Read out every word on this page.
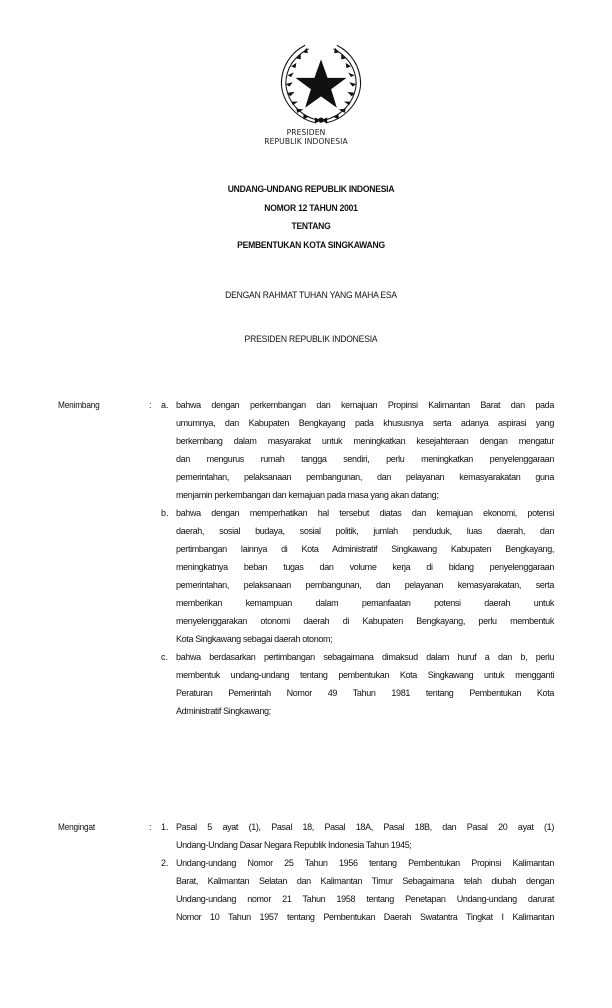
PRESIDEN
REPUBLIK INDONESIA
UNDANG-UNDANG REPUBLIK INDONESIA
NOMOR 12 TAHUN 2001
TENTANG
PEMBENTUKAN KOTA SINGKAWANG
DENGAN RAHMAT TUHAN YANG MAHA ESA
PRESIDEN REPUBLIK INDONESIA
Menimbang	: a. bahwa dengan perkembangan dan kemajuan Propinsi Kalimantan Barat dan pada
umumnya, dan Kabupaten Bengkayang pada khususnya serta adanya aspirasi yang
berkembang dalam masyarakat untuk meningkatkan kesejahteraan dengan mengatur
dan mengurus rumah tangga sendiri, perlu meningkatkan penyelenggaraan
pemerintahan, pelaksanaan pembangunan, dan pelayanan kemasyarakatan guna
menjamin perkembangan dan kemajuan pada masa yang akan datang;
b. bahwa dengan memperhatikan hal tersebut diatas dan kemajuan ekonomi, potensi
daerah, sosial budaya, sosial politik, jumlah penduduk, luas daerah, dan
pertimbangan lainnya di Kota Administratif Singkawang Kabupaten Bengkayang,
meningkatnya beban tugas dan volume kerja di bidang penyelenggaraan
pemerintahan, pelaksanaan pembangunan, dan pelayanan kemasyarakatan, serta
memberikan kemampuan dalam pemanfaatan potensi daerah untuk
menyelenggarakan otonomi daerah di Kabupaten Bengkayang, perlu membentuk
Kota Singkawang sebagai daerah otonom;
c. bahwa berdasarkan pertimbangan sebagaimana dimaksud dalam huruf a dan b, perlu
membentuk undang-undang tentang pembentukan Kota Singkawang untuk mengganti
Peraturan Pemerintah Nomor 49 Tahun 1981 tentang Pembentukan Kota
Administratif Singkawang;
Mengingat	: 1. Pasal 5 ayat (1), Pasal 18, Pasal 18A, Pasal 18B, dan Pasal 20 ayat (1)
Undang-Undang Dasar Negara Republik Indonesia Tahun 1945;
2. Undang-undang Nomor 25 Tahun 1956 tentang Pembentukan Propinsi Kalimantan
Barat, Kalimantan Selatan dan Kalimantan Timur Sebagaimana telah diubah dengan
Undang-undang nomor 21 Tahun 1958 tentang Penetapan Undang-undang darurat
Nomor 10 Tahun 1957 tentang Pembentukan Daerah Swatantra Tingkat I Kalimantan
